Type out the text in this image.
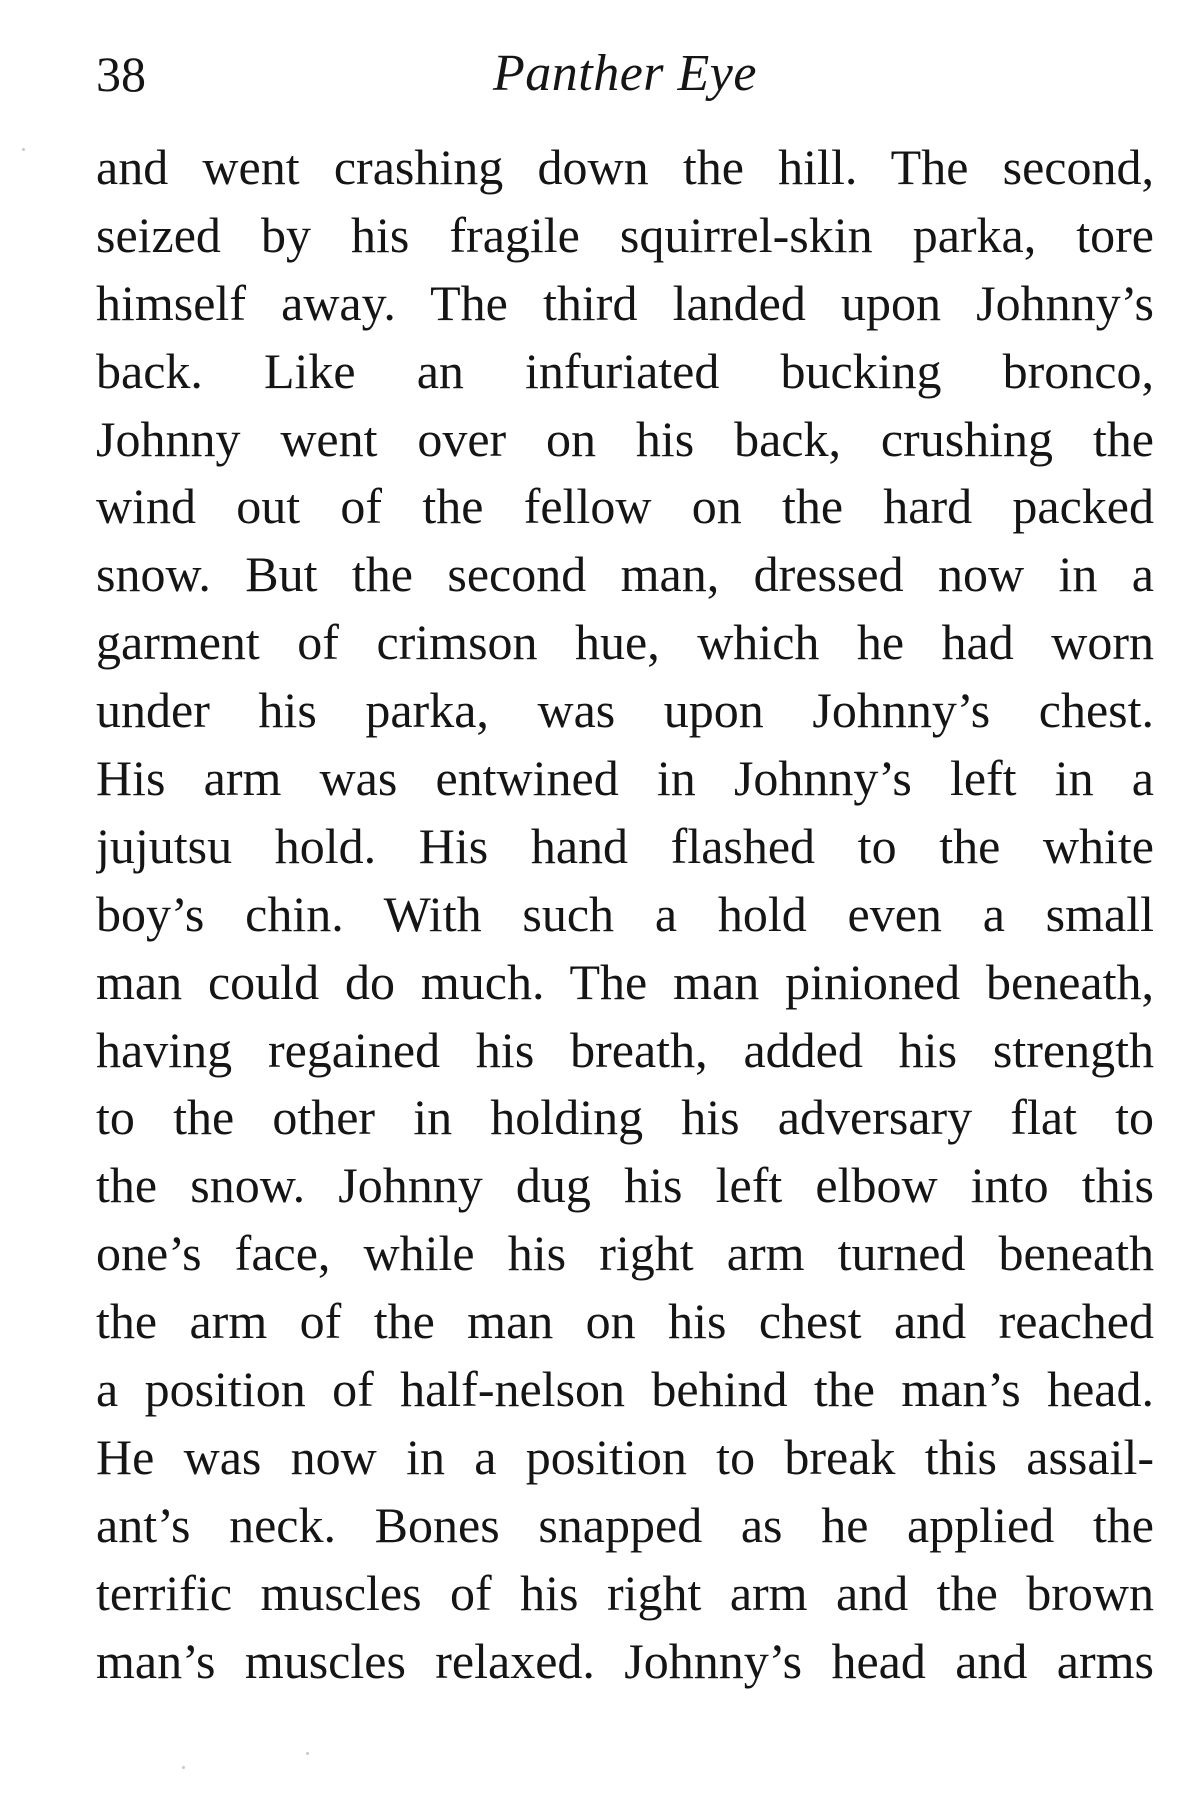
38	Panther Eye
and went crashing down the hill. The second,
seized by his fragile squirrel-skin parka, tore
himself away. The third landed upon Johnny’s
back. Like an infuriated bucking bronco,
Johnny went over on his back, crushing the
wind out of the fellow on the hard packed
snow. But the second man, dressed now in a
garment of crimson hue, which he had worn
under his parka, was upon Johnny’s chest.
His arm was entwined in Johnny’s left in a
jujutsu hold. His hand flashed to the white
boy’s chin. With such a hold even a small
man could do much. The man pinioned beneath,
having regained his breath, added his strength
to the other in holding his adversary flat to
the snow. Johnny dug his left elbow into this
one’s face, while his right arm turned beneath
the arm of the man on his chest and reached
a position of half-nelson behind the man’s head.
He was now in a position to break this assail-
ant’s neck. Bones snapped as he applied the
terrific muscles of his right arm and the brown
man’s muscles relaxed. Johnny’s head and arms
